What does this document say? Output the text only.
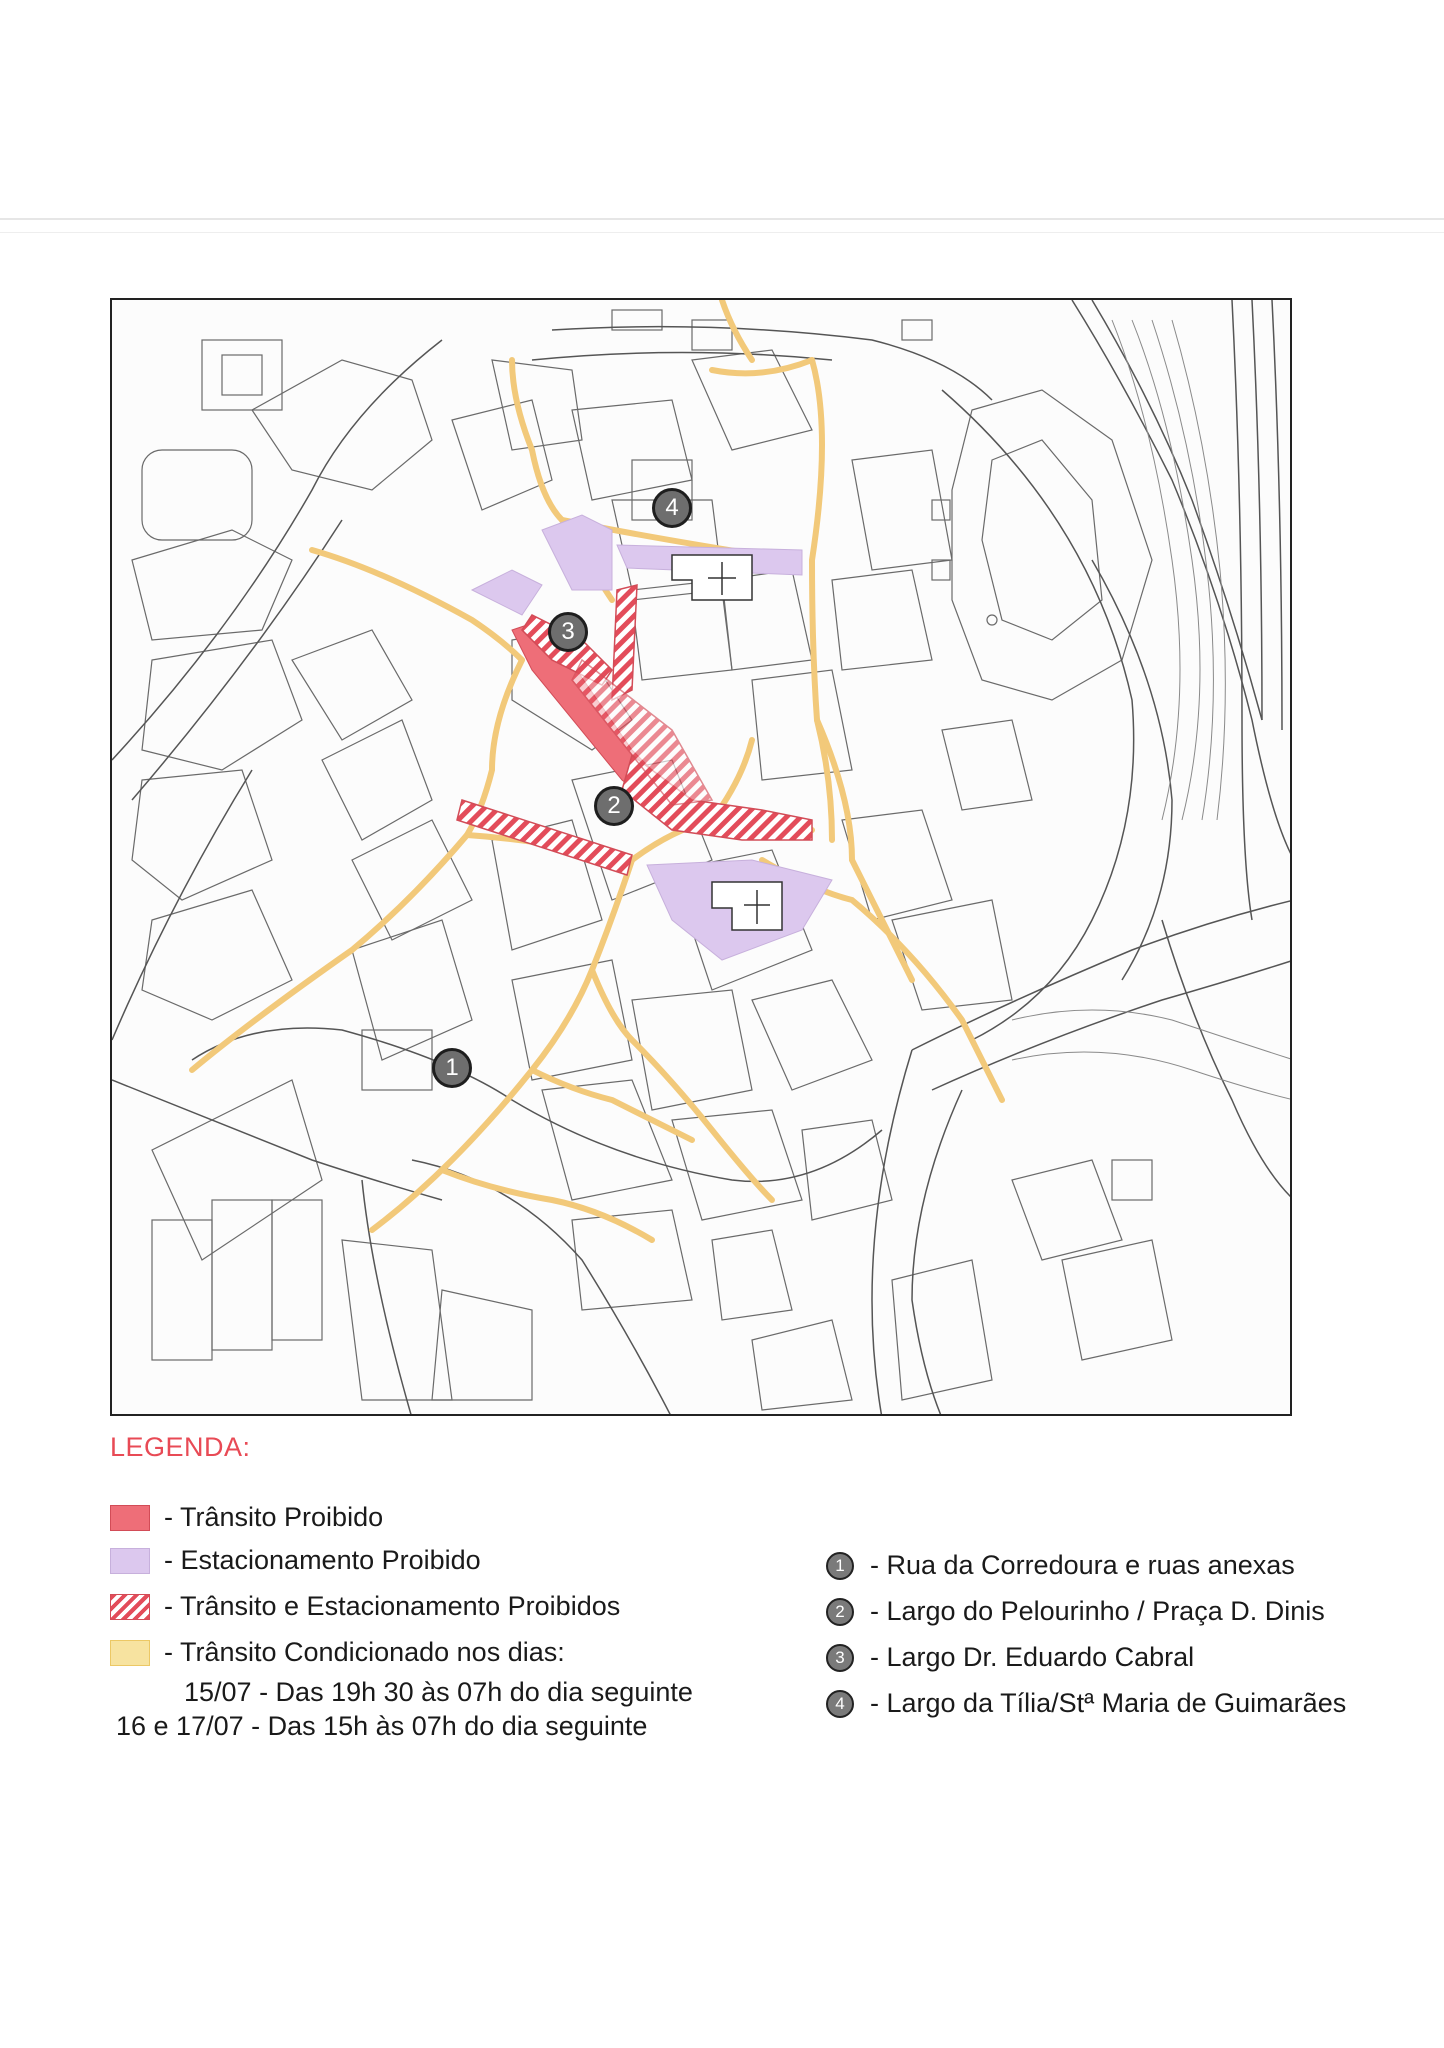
1
2
3
4
LEGENDA:
- Trânsito Proibido
- Estacionamento Proibido
- Trânsito e Estacionamento Proibidos
- Trânsito Condicionado nos dias:
15/07 - Das 19h 30 às 07h do dia seguinte
16 e 17/07 - Das 15h às 07h do dia seguinte
1 - Rua da Corredoura e ruas anexas
2 - Largo do Pelourinho / Praça D. Dinis
3 - Largo Dr. Eduardo Cabral
4 - Largo da Tília/Stª Maria de Guimarães
